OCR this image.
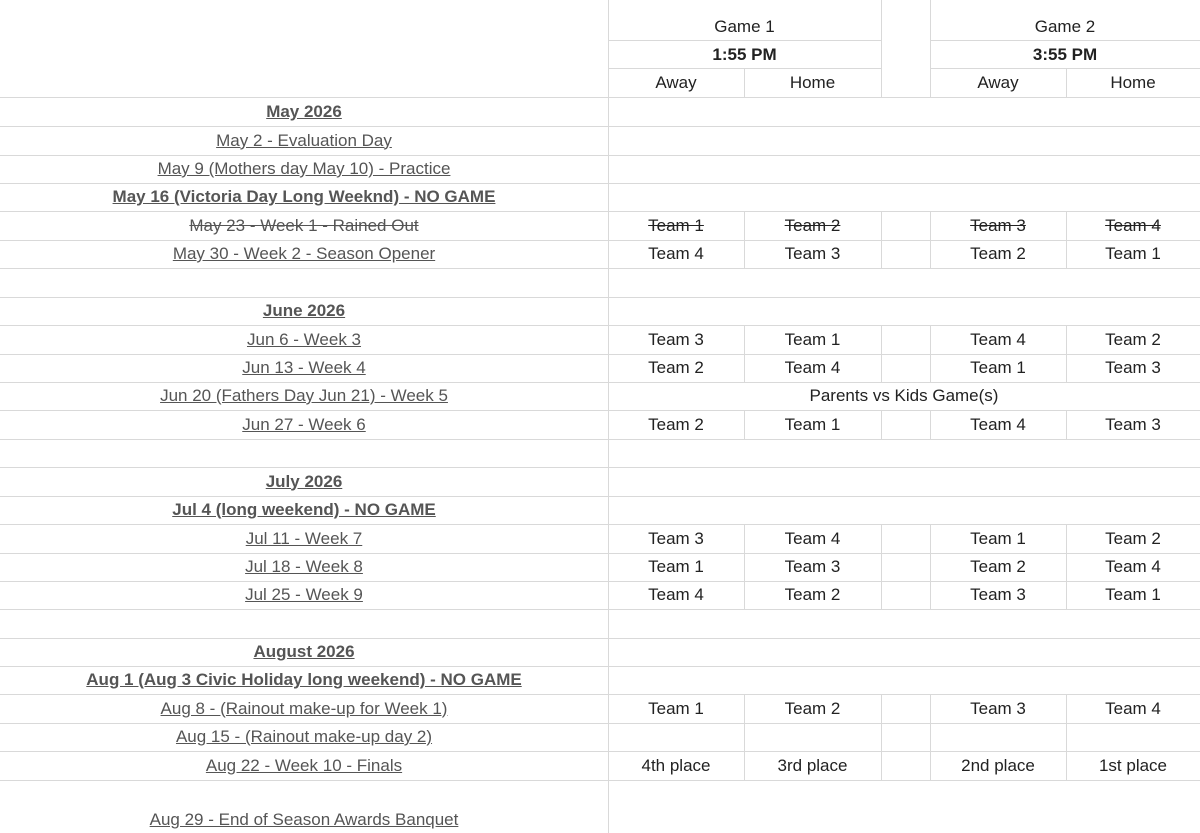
Game 1
1:55 PM
Away	Home
Game 2
3:55 PM
Away	Home
May 2026
May 2 - Evaluation Day
May 9 (Mothers day May 10) - Practice
May 16 (Victoria Day Long Weeknd) - NO GAME
May 23 - Week 1 - Rained Out	Team 1	Team 2	Team 3	Team 4
May 30 - Week 2 - Season Opener	Team 4	Team 3	Team 2	Team 1
June 2026
Jun 6 - Week 3	Team 3	Team 1	Team 4	Team 2
Jun 13 - Week 4	Team 2	Team 4	Team 1	Team 3
Jun 20 (Fathers Day Jun 21) - Week 5	Parents vs Kids Game(s)
Jun 27 - Week 6	Team 2	Team 1	Team 4	Team 3
July 2026
Jul 4 (long weekend) - NO GAME
Jul 11 - Week 7	Team 3	Team 4	Team 1	Team 2
Jul 18 - Week 8	Team 1	Team 3	Team 2	Team 4
Jul 25 - Week 9	Team 4	Team 2	Team 3	Team 1
August 2026
Aug 1 (Aug 3 Civic Holiday long weekend) - NO GAME
Aug 8 - (Rainout make-up for Week 1)	Team 1	Team 2	Team 3	Team 4
Aug 15 - (Rainout make-up day 2)
Aug 22 - Week 10 - Finals	4th place	3rd place	2nd place	1st place
Aug 29 - End of Season Awards Banquet
